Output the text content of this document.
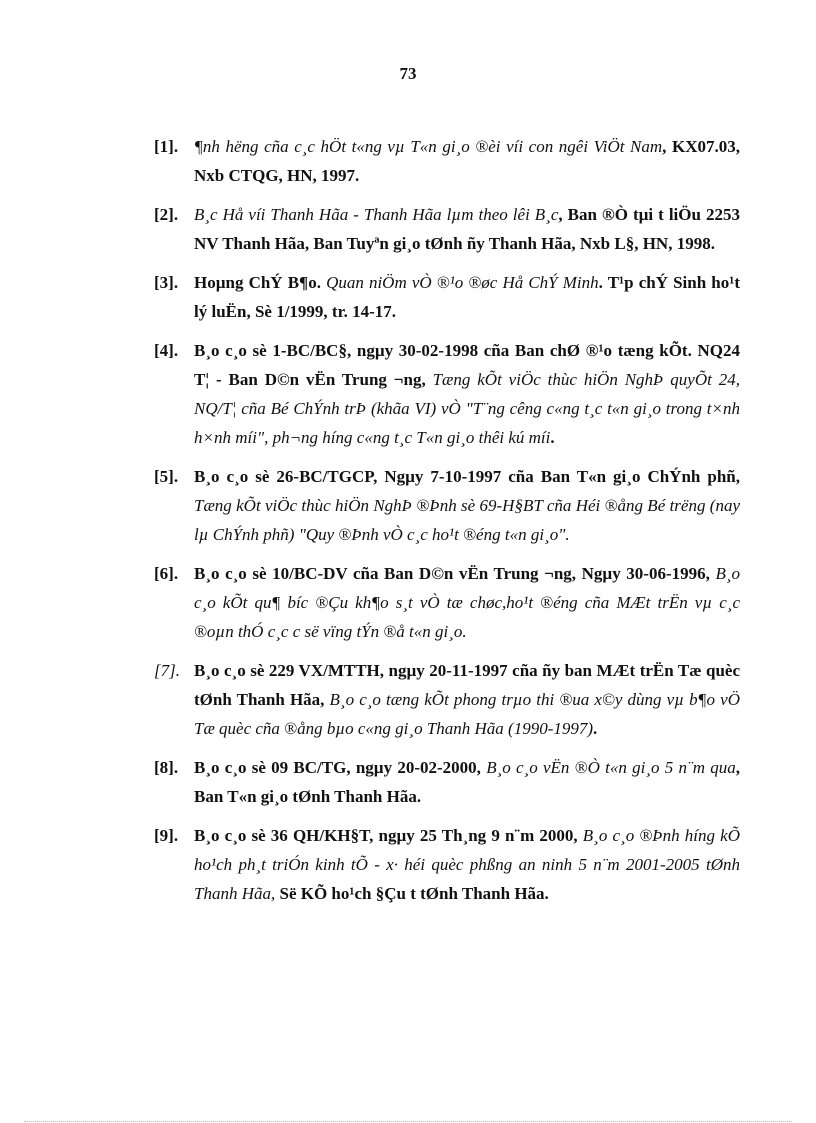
73
[1]. ¶nh hëng cña c¸c hÖt t«ng vµ T«n gi¸o ®èi víi con ngêi ViÖt Nam, KX07.03, Nxb CTQG, HN, 1997.
[2]. B¸c Hå víi Thanh Hãa - Thanh Hãa lµm theo lêi B¸c, Ban ®Ò tµi t liÖu 2253 NV Thanh Hãa, Ban Tuyªn gi¸o tØnh ñy Thanh Hãa, Nxb L§, HN, 1998.
[3]. Hoµng ChÝ B¶o. Quan niÖm vÒ ®¹o ®øc Hå ChÝ Minh. T¹p chÝ Sinh ho¹t lý luËn, Sè 1/1999, tr. 14-17.
[4]. B¸o c¸o sè 1-BC/BC§, ngµy 30-02-1998 cña Ban chØ ®¹o tæng kÕt. NQ24 T¦ - Ban D©n vËn Trung ¬ng, Tæng kÕt viÖc thùc hiÖn NghÞ quyÕt 24, NQ/T¦ cña Bé ChÝnh trÞ (khãa VI) vÒ "T¨ng cêng c«ng t¸c t«n gi¸o trong t×nh h×nh míi", ph¬ng híng c«ng t¸c T«n gi¸o thêi kú míi.
[5]. B¸o c¸o sè 26-BC/TGCP, Ngµy 7-10-1997 cña Ban T«n gi¸o ChÝnh phñ, Tæng kÕt viÖc thùc hiÖn NghÞ ®Þnh sè 69-H§BT cña Héi ®ång Bé trëng (nay lµ ChÝnh phñ) "Quy ®Þnh vÒ c¸c ho¹t ®éng t«n gi¸o".
[6]. B¸o c¸o sè 10/BC-DV cña Ban D©n vËn Trung ¬ng, Ngµy 30-06-1996, B¸o c¸o kÕt qu¶ bíc ®Çu kh¶o s¸t vÒ tæ chøc,ho¹t ®éng cña MÆt trËn vµ c¸c ®oµn thÓ c¸c c së vïng tÝn ®å t«n gi¸o.
[7]. B¸o c¸o sè 229 VX/MTTH, ngµy 20-11-1997 cña ñy ban MÆt trËn Tæ quèc tØnh Thanh Hãa, B¸o c¸o tæng kÕt phong trµo thi ®ua x©y dùng vµ b¶o vÖ Tæ quèc cña ®ång bµo c«ng gi¸o Thanh Hãa (1990-1997).
[8]. B¸o c¸o sè 09 BC/TG, ngµy 20-02-2000, B¸o c¸o vËn ®Ò t«n gi¸o 5 n¨m qua, Ban T«n gi¸o tØnh Thanh Hãa.
[9]. B¸o c¸o sè 36 QH/KH§T, ngµy 25 Th¸ng 9 n¨m 2000, B¸o c¸o ®Þnh híng kÕ ho¹ch ph¸t triÓn kinh tÕ - x· héi quèc phßng an ninh 5 n¨m 2001-2005 tØnh Thanh Hãa, Së KÕ ho¹ch §Çu t tØnh Thanh Hãa.
